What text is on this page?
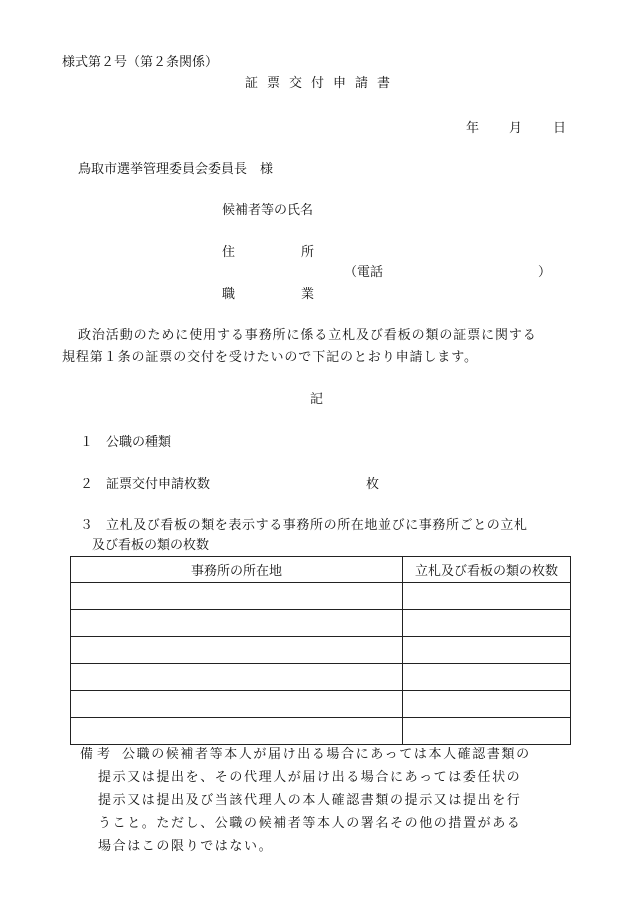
様式第２号（第２条関係）
証票交付申請書
年 月 日
鳥取市選挙管理委員会委員長　様
候補者等の氏名
住	所
（電話	）
職	業
政治活動のために使用する事務所に係る立札及び看板の類の証票に関する
規程第１条の証票の交付を受けたいので下記のとおり申請します。
記
１ 公職の種類
２ 証票交付申請枚数	枚
３ 立札及び看板の類を表示する事務所の所在地並びに事務所ごとの立札
及び看板の類の枚数
事務所の所在地	立札及び看板の類の枚数

備考 公職の候補者等本人が届け出る場合にあっては本人確認書類の
提示又は提出を、その代理人が届け出る場合にあっては委任状の
提示又は提出及び当該代理人の本人確認書類の提示又は提出を行
うこと。ただし、公職の候補者等本人の署名その他の措置がある
場合はこの限りではない。
